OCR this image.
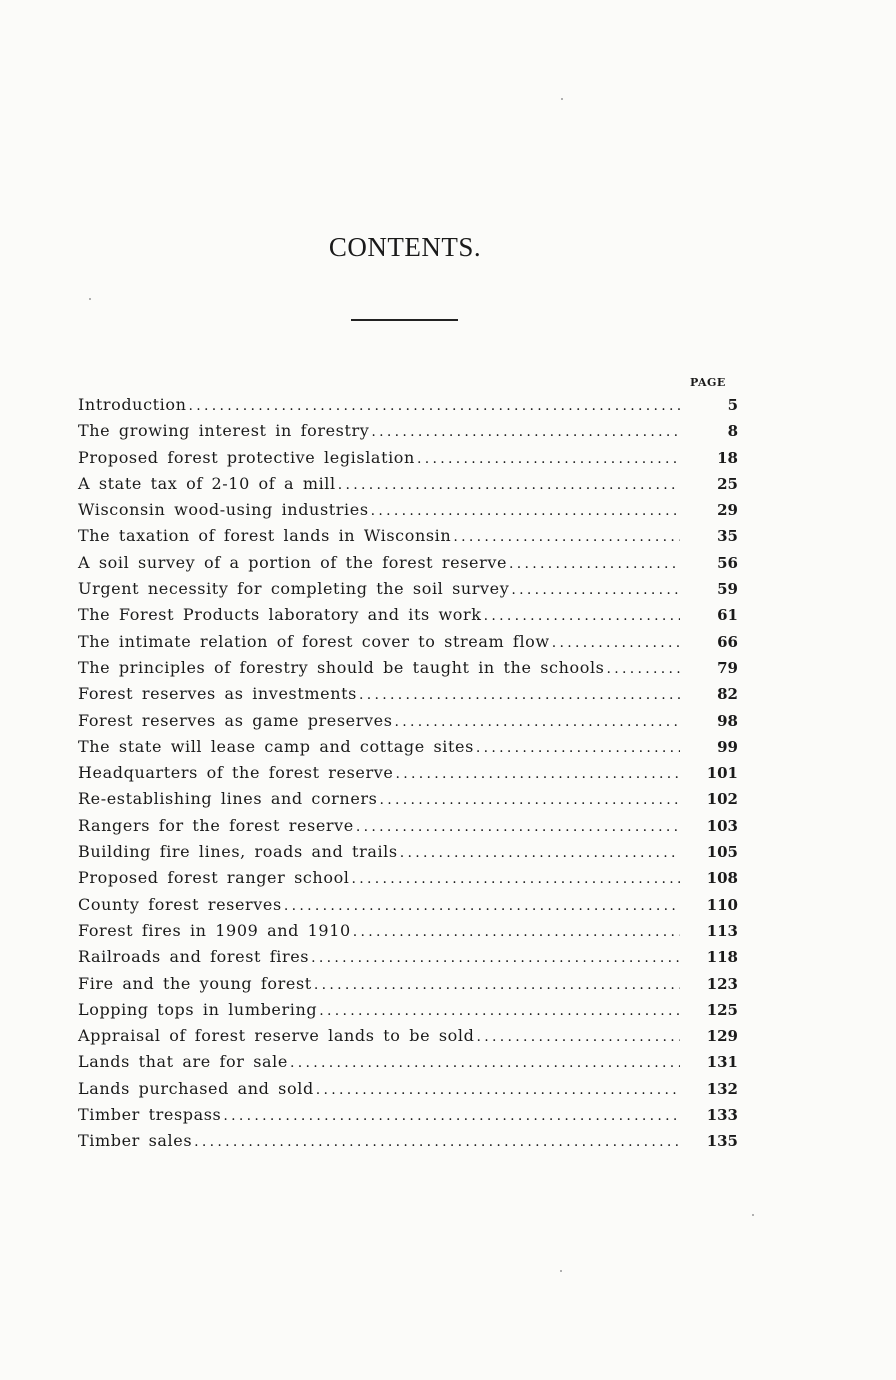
CONTENTS.
PAGE
Introduction .....	5
The growing interest in forestry .....	8
Proposed forest protective legislation .....	18
A state tax of 2-10 of a mill .....	25
Wisconsin wood-using industries .....	29
The taxation of forest lands in Wisconsin .....	35
A soil survey of a portion of the forest reserve .....	56
Urgent necessity for completing the soil survey .....	59
The Forest Products laboratory and its work .....	61
The intimate relation of forest cover to stream flow .....	66
The principles of forestry should be taught in the schools .....	79
Forest reserves as investments .....	82
Forest reserves as game preserves .....	98
The state will lease camp and cottage sites .....	99
Headquarters of the forest reserve .....	101
Re-establishing lines and corners .....	102
Rangers for the forest reserve .....	103
Building fire lines, roads and trails .....	105
Proposed forest ranger school .....	108
County forest reserves .....	110
Forest fires in 1909 and 1910 .....	113
Railroads and forest fires .....	118
Fire and the young forest .....	123
Lopping tops in lumbering .....	125
Appraisal of forest reserve lands to be sold .....	129
Lands that are for sale .....	131
Lands purchased and sold .....	132
Timber trespass .....	133
Timber sales .....	135
